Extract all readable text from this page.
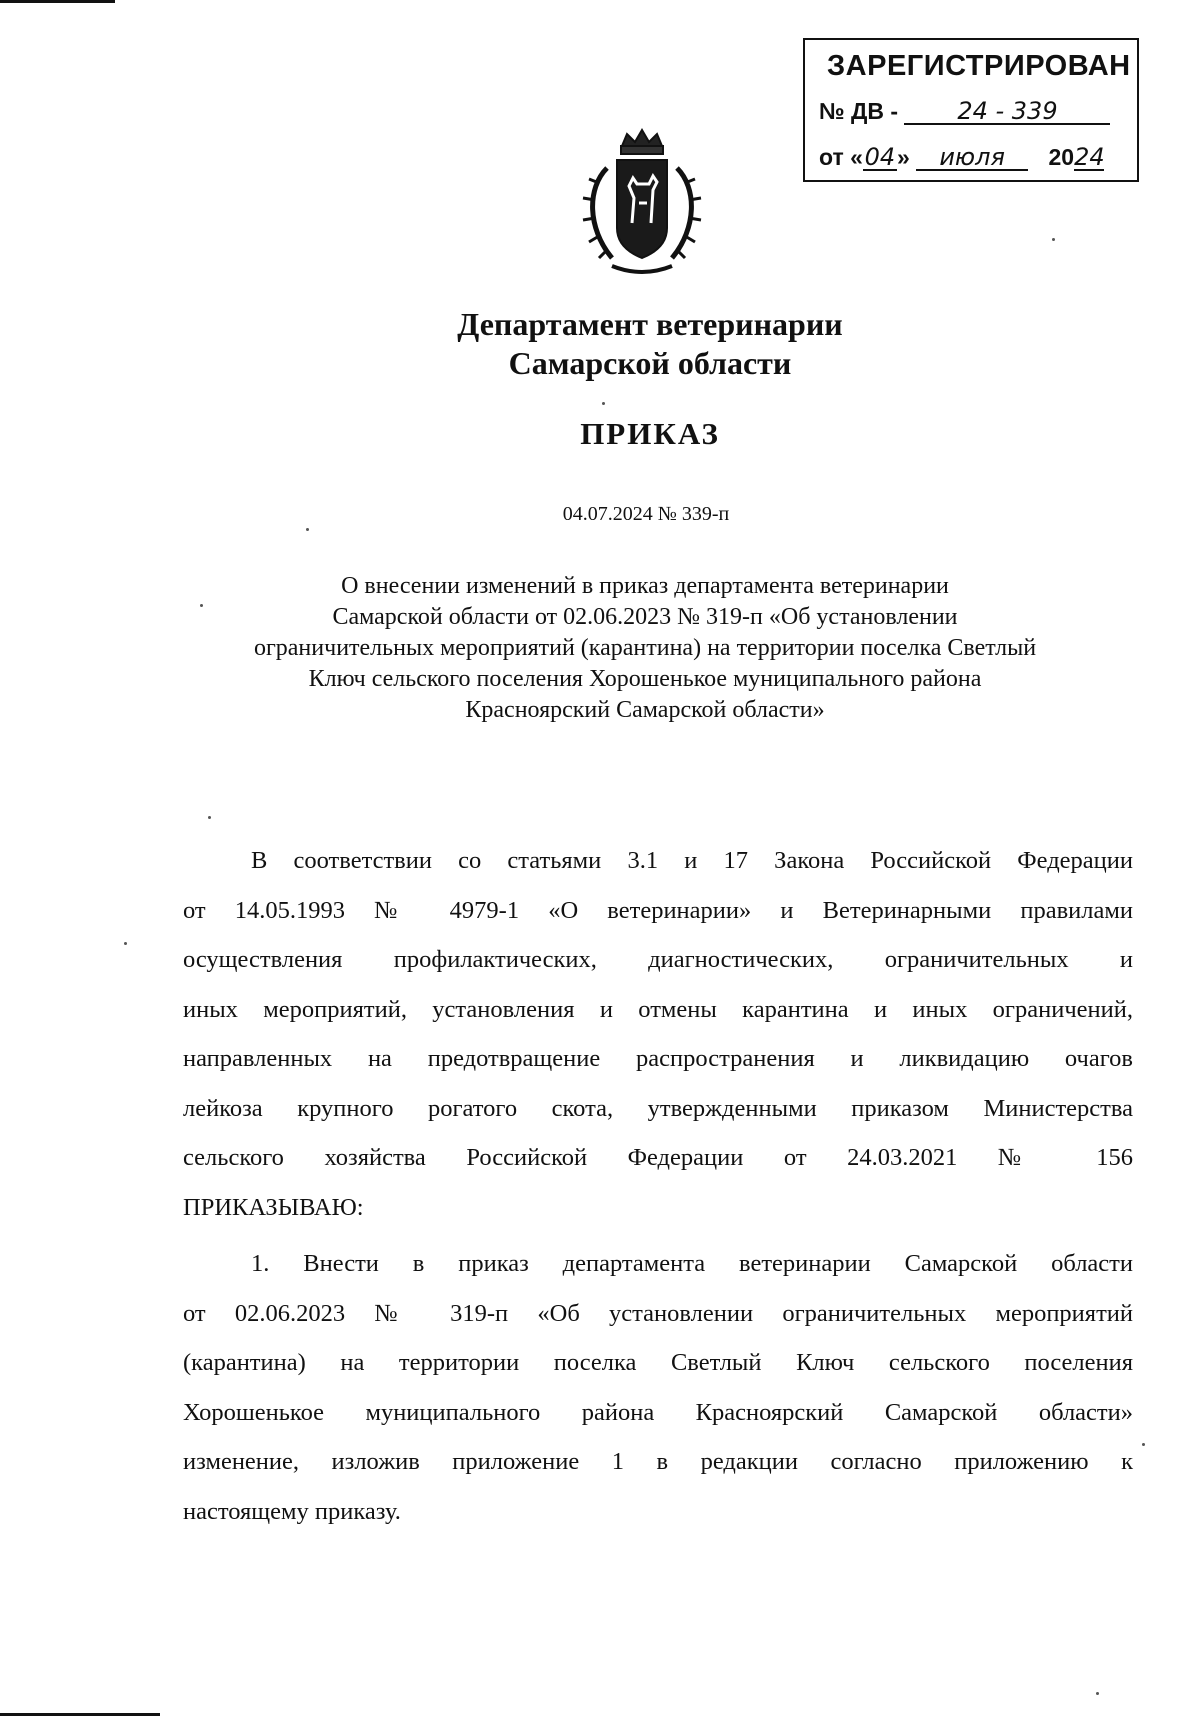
ЗАРЕГИСТРИРОВАН
№ ДВ - 24 - 339
от «04» июля 2024
Департамент ветеринарии
Самарской области
ПРИКАЗ
04.07.2024 № 339-п
О внесении изменений в приказ департамента ветеринарии
Самарской области от 02.06.2023 № 319-п «Об установлении
ограничительных мероприятий (карантина) на территории поселка Светлый
Ключ сельского поселения Хорошенькое муниципального района
Красноярский Самарской области»
В соответствии со статьями 3.1 и 17 Закона Российской Федерации
от 14.05.1993 № 4979-1 «О ветеринарии» и Ветеринарными правилами
осуществления профилактических, диагностических, ограничительных и
иных мероприятий, установления и отмены карантина и иных ограничений,
направленных на предотвращение распространения и ликвидацию очагов
лейкоза крупного рогатого скота, утвержденными приказом Министерства
сельского хозяйства Российской Федерации от 24.03.2021 № 156
ПРИКАЗЫВАЮ:
1. Внести в приказ департамента ветеринарии Самарской области
от 02.06.2023 № 319-п «Об установлении ограничительных мероприятий
(карантина) на территории поселка Светлый Ключ сельского поселения
Хорошенькое муниципального района Красноярский Самарской области»
изменение, изложив приложение 1 в редакции согласно приложению к
настоящему приказу.
